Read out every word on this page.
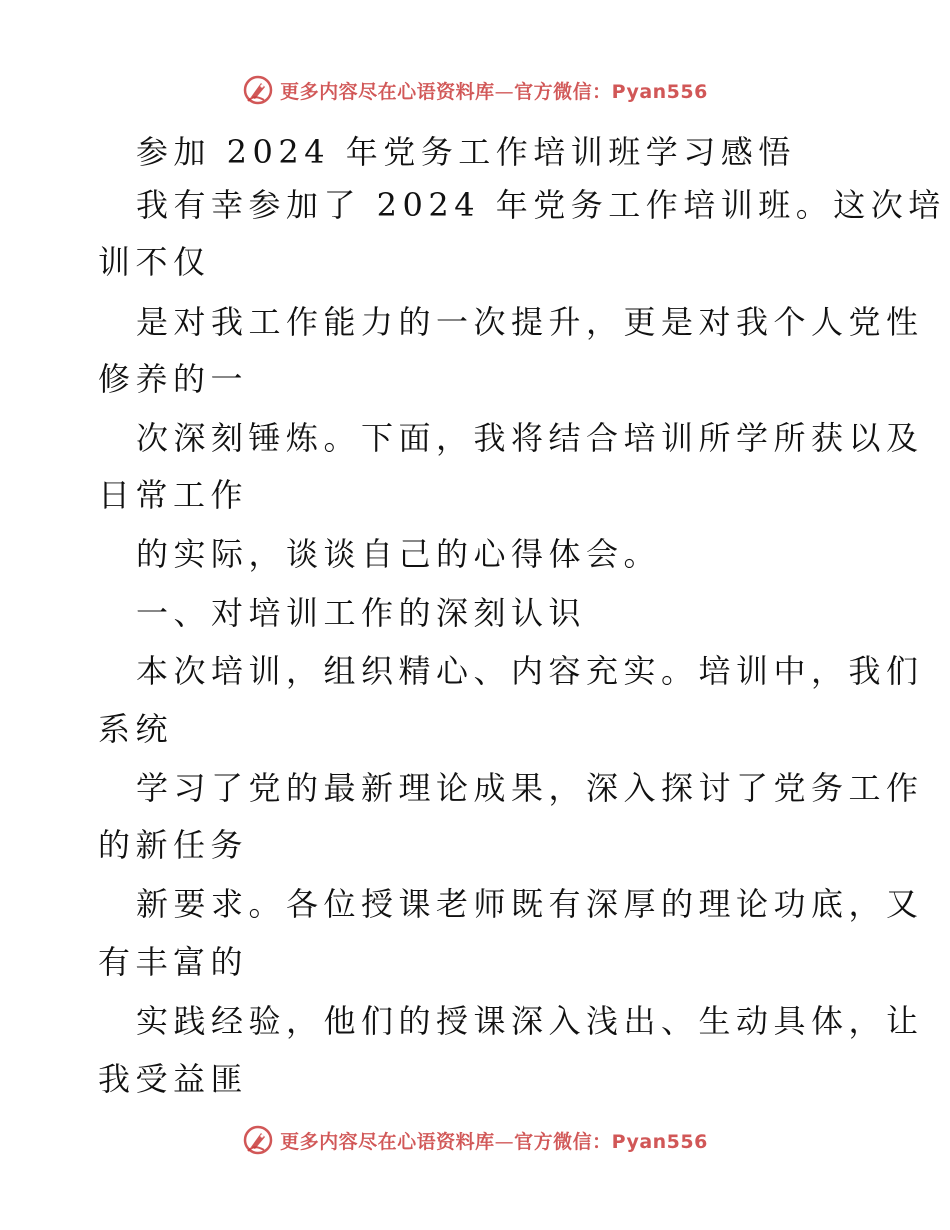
更多内容尽在心语资料库—官方微信：Pyan556
参加 2024 年党务工作培训班学习感悟
我有幸参加了 2024 年党务工作培训班。这次培
训不仅
是对我工作能力的一次提升，更是对我个人党性
修养的一
次深刻锤炼。下面，我将结合培训所学所获以及
日常工作
的实际，谈谈自己的心得体会。
一、对培训工作的深刻认识
本次培训，组织精心、内容充实。培训中，我们
系统
学习了党的最新理论成果，深入探讨了党务工作
的新任务
新要求。各位授课老师既有深厚的理论功底，又
有丰富的
实践经验，他们的授课深入浅出、生动具体，让
我受益匪
更多内容尽在心语资料库—官方微信：Pyan556
